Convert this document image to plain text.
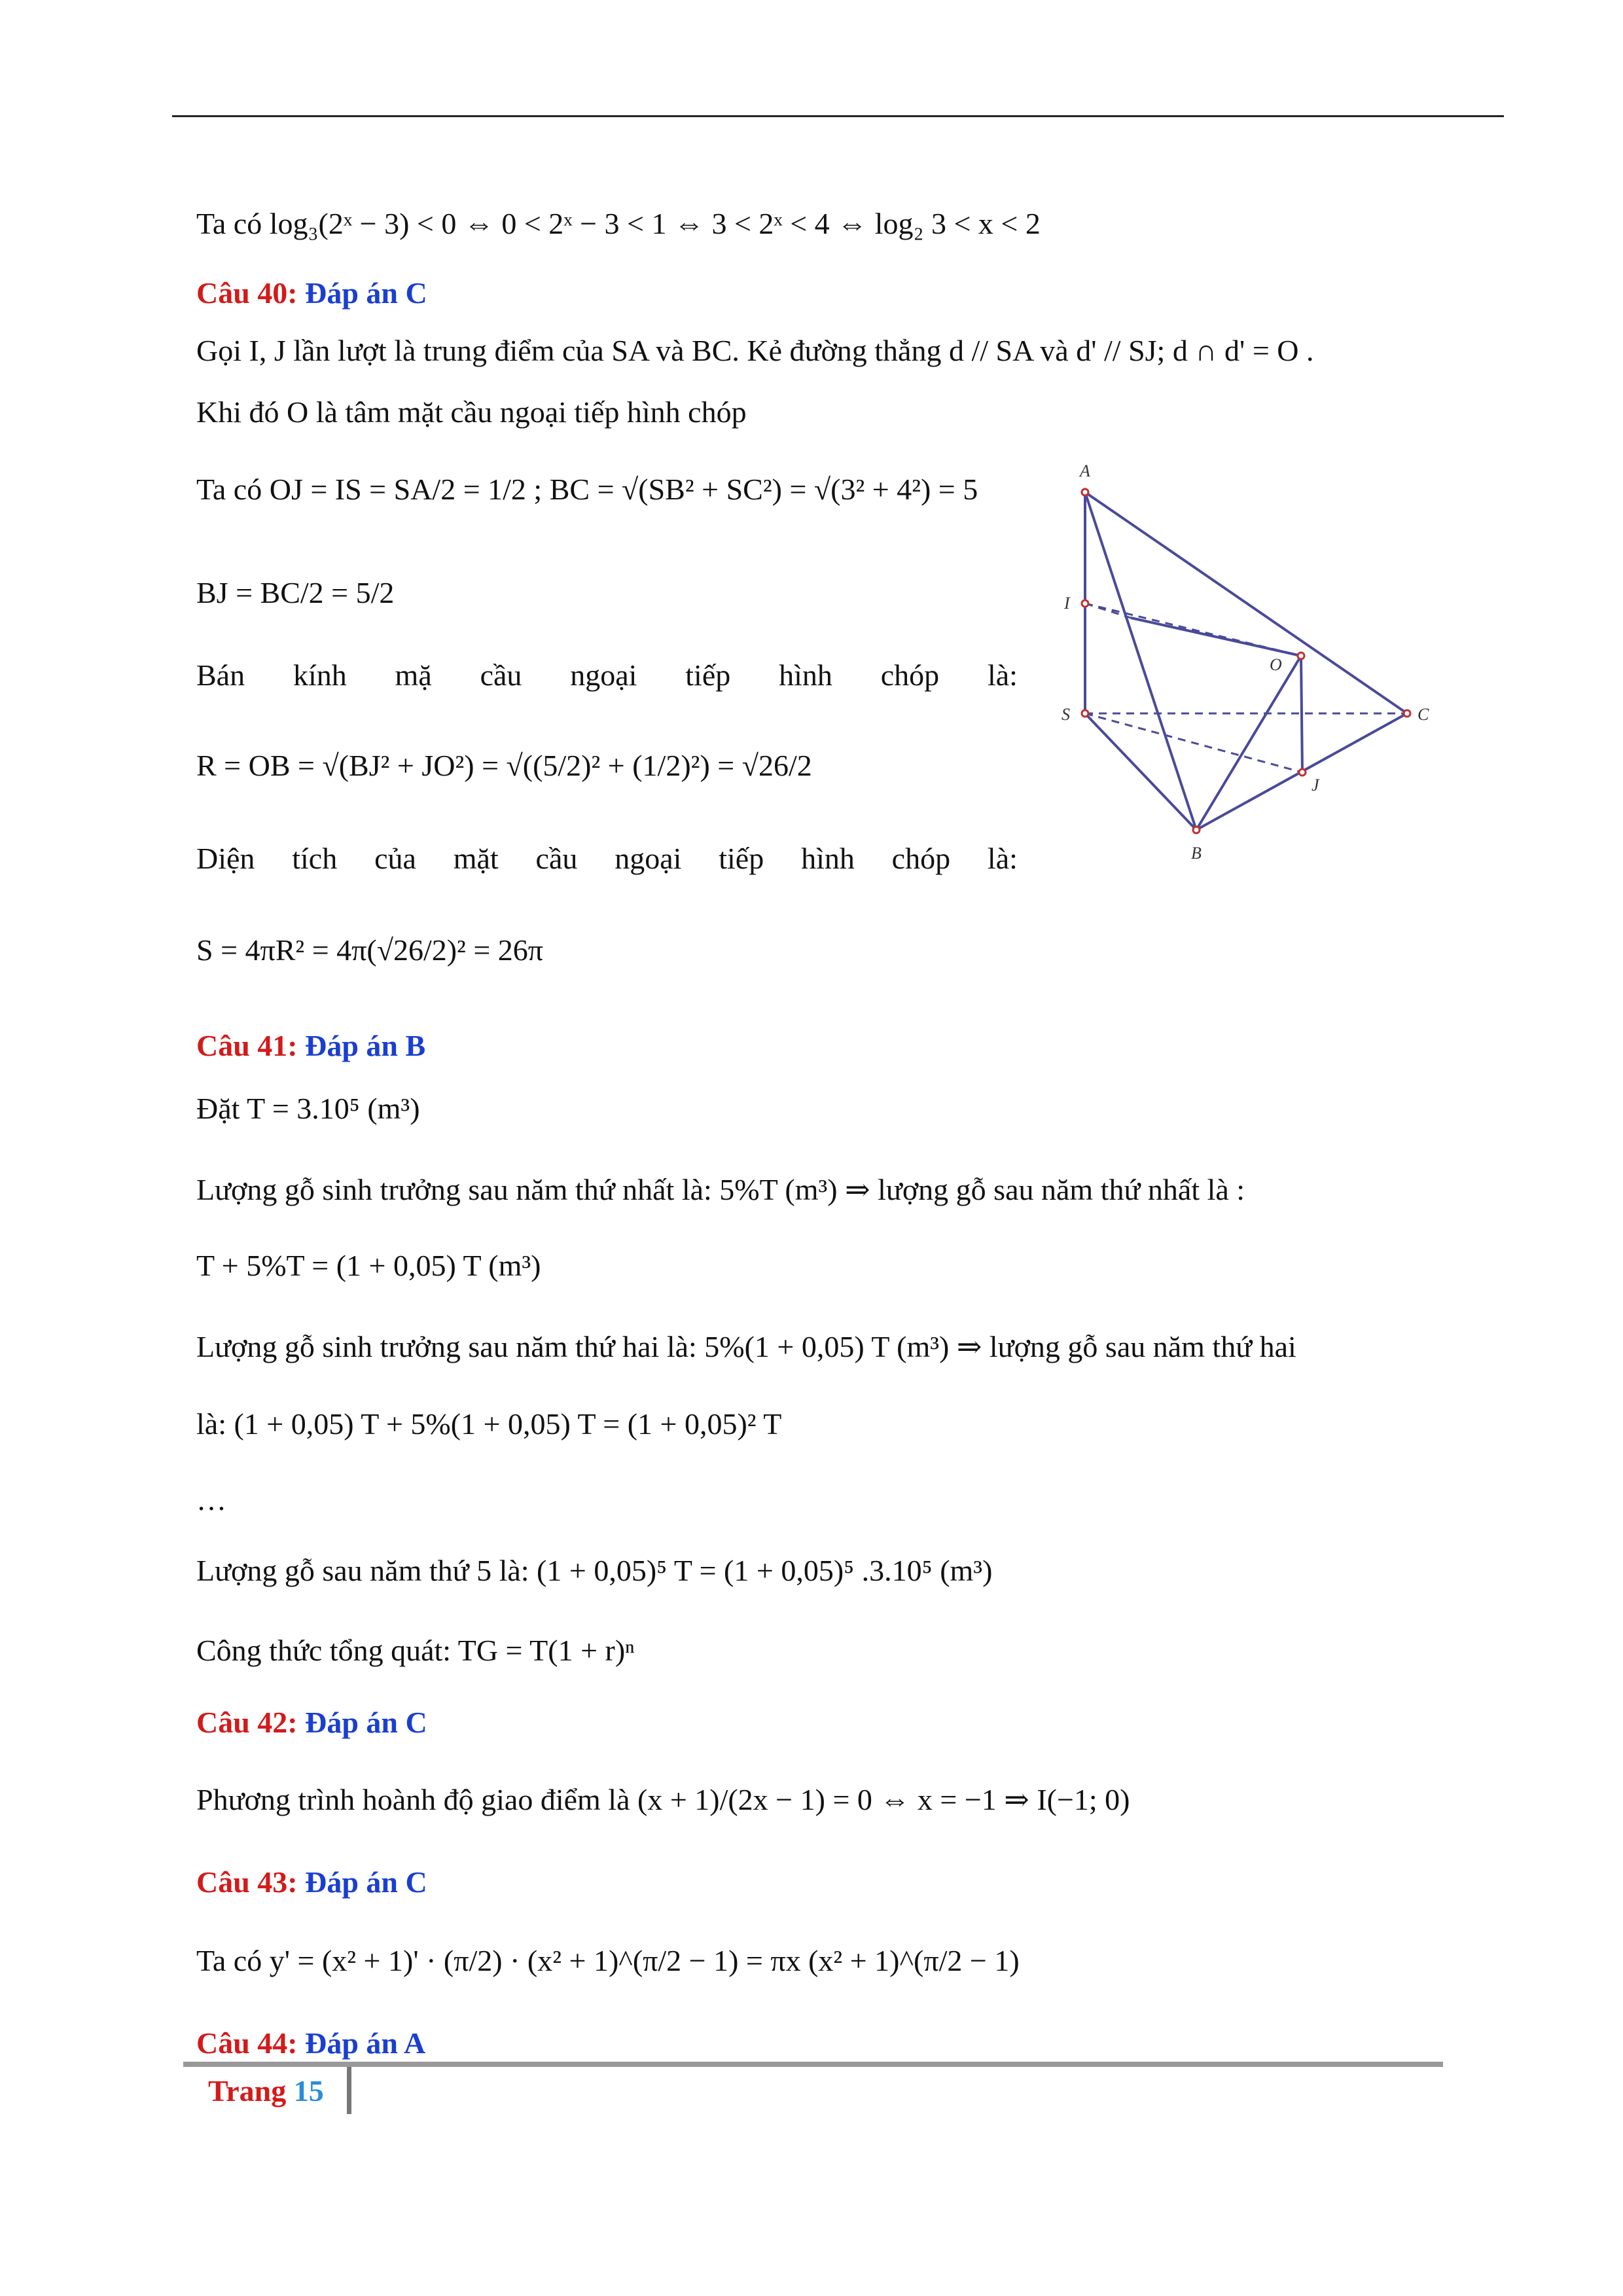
Ta có log₃(2ˣ − 3) < 0 ⇔ 0 < 2ˣ − 3 < 1 ⇔ 3 < 2ˣ < 4 ⇔ log₂ 3 < x < 2
Câu 40: Đáp án C
Gọi I, J lần lượt là trung điểm của SA và BC. Kẻ đường thẳng d // SA và d' // SJ; d ∩ d' = O .
Khi đó O là tâm mặt cầu ngoại tiếp hình chóp
Ta có OJ = IS = SA/2 = 1/2 ; BC = √(SB² + SC²) = √(3² + 4²) = 5
BJ = BC/2 = 5/2
Bán kính mặ cầu ngoại tiếp hình chóp là:
R = OB = √(BJ² + JO²) = √((5/2)² + (1/2)²) = √26/2
Diện tích của mặt cầu ngoại tiếp hình chóp là:
S = 4πR² = 4π(√26/2)² = 26π
A
I
S
O
C
J
B
Câu 41: Đáp án B
Đặt T = 3.10⁵ (m³)
Lượng gỗ sinh trưởng sau năm thứ nhất là: 5%T (m³) ⇒ lượng gỗ sau năm thứ nhất là :
T + 5%T = (1 + 0,05) T (m³)
Lượng gỗ sinh trưởng sau năm thứ hai là: 5%(1 + 0,05) T (m³) ⇒ lượng gỗ sau năm thứ hai
là: (1 + 0,05) T + 5%(1 + 0,05) T = (1 + 0,05)² T
…
Lượng gỗ sau năm thứ 5 là: (1 + 0,05)⁵ T = (1 + 0,05)⁵ .3.10⁵ (m³)
Công thức tổng quát: TG = T(1 + r)ⁿ
Câu 42: Đáp án C
Phương trình hoành độ giao điểm là (x + 1)/(2x − 1) = 0 ⇔ x = −1 ⇒ I(−1; 0)
Câu 43: Đáp án C
Ta có y' = (x² + 1)' · (π/2) · (x² + 1)^(π/2 − 1) = πx (x² + 1)^(π/2 − 1)
Câu 44: Đáp án A
Trang 15
